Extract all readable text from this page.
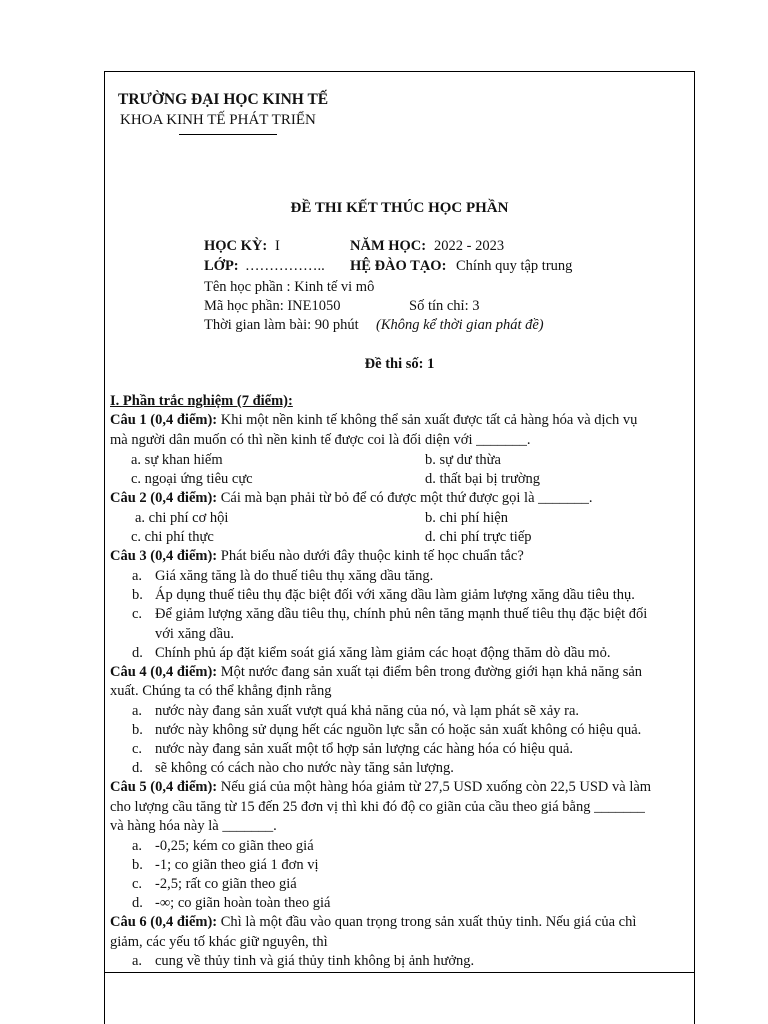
TRƯỜNG ĐẠI HỌC KINH TẾ
KHOA KINH TẾ PHÁT TRIỂN
ĐỀ THI KẾT THÚC HỌC PHẦN
HỌC KỲ: I	NĂM HỌC: 2022 - 2023
LỚP: …………….. HỆ ĐÀO TẠO: Chính quy tập trung
Tên học phần : Kinh tế vi mô
Mã học phần: INE1050	Số tín chỉ: 3
Thời gian làm bài: 90 phút (Không kể thời gian phát đề)
Đề thi số: 1
I. Phần trắc nghiệm (7 điểm):
Câu 1 (0,4 điểm): Khi một nền kinh tế không thể sản xuất được tất cả hàng hóa và dịch vụ
mà người dân muốn có thì nền kinh tế được coi là đối diện với _______.
a. sự khan hiếm	b. sự dư thừa
c. ngoại ứng tiêu cực	d. thất bại bị trường
Câu 2 (0,4 điểm): Cái mà bạn phải từ bỏ để có được một thứ được gọi là _______.
a. chi phí cơ hội	b. chi phí hiện
c. chi phí thực	d. chi phí trực tiếp
Câu 3 (0,4 điểm): Phát biểu nào dưới đây thuộc kinh tế học chuẩn tắc?
a. Giá xăng tăng là do thuế tiêu thụ xăng dầu tăng.
b. Áp dụng thuế tiêu thụ đặc biệt đối với xăng dầu làm giảm lượng xăng dầu tiêu thụ.
c. Để giảm lượng xăng dầu tiêu thụ, chính phủ nên tăng mạnh thuế tiêu thụ đặc biệt đối
với xăng dầu.
d. Chính phủ áp đặt kiểm soát giá xăng làm giảm các hoạt động thăm dò dầu mỏ.
Câu 4 (0,4 điểm): Một nước đang sản xuất tại điểm bên trong đường giới hạn khả năng sản
xuất. Chúng ta có thể khẳng định rằng
a. nước này đang sản xuất vượt quá khả năng của nó, và lạm phát sẽ xảy ra.
b. nước này không sử dụng hết các nguồn lực sẵn có hoặc sản xuất không có hiệu quả.
c. nước này đang sản xuất một tổ hợp sản lượng các hàng hóa có hiệu quả.
d. sẽ không có cách nào cho nước này tăng sản lượng.
Câu 5 (0,4 điểm): Nếu giá của một hàng hóa giảm từ 27,5 USD xuống còn 22,5 USD và làm
cho lượng cầu tăng từ 15 đến 25 đơn vị thì khi đó độ co giãn của cầu theo giá bằng _______
và hàng hóa này là _______.
a. -0,25; kém co giãn theo giá
b. -1; co giãn theo giá 1 đơn vị
c. -2,5; rất co giãn theo giá
d. -∞; co giãn hoàn toàn theo giá
Câu 6 (0,4 điểm): Chì là một đầu vào quan trọng trong sản xuất thủy tinh. Nếu giá của chì
giảm, các yếu tố khác giữ nguyên, thì
a. cung về thủy tinh và giá thủy tinh không bị ảnh hưởng.
